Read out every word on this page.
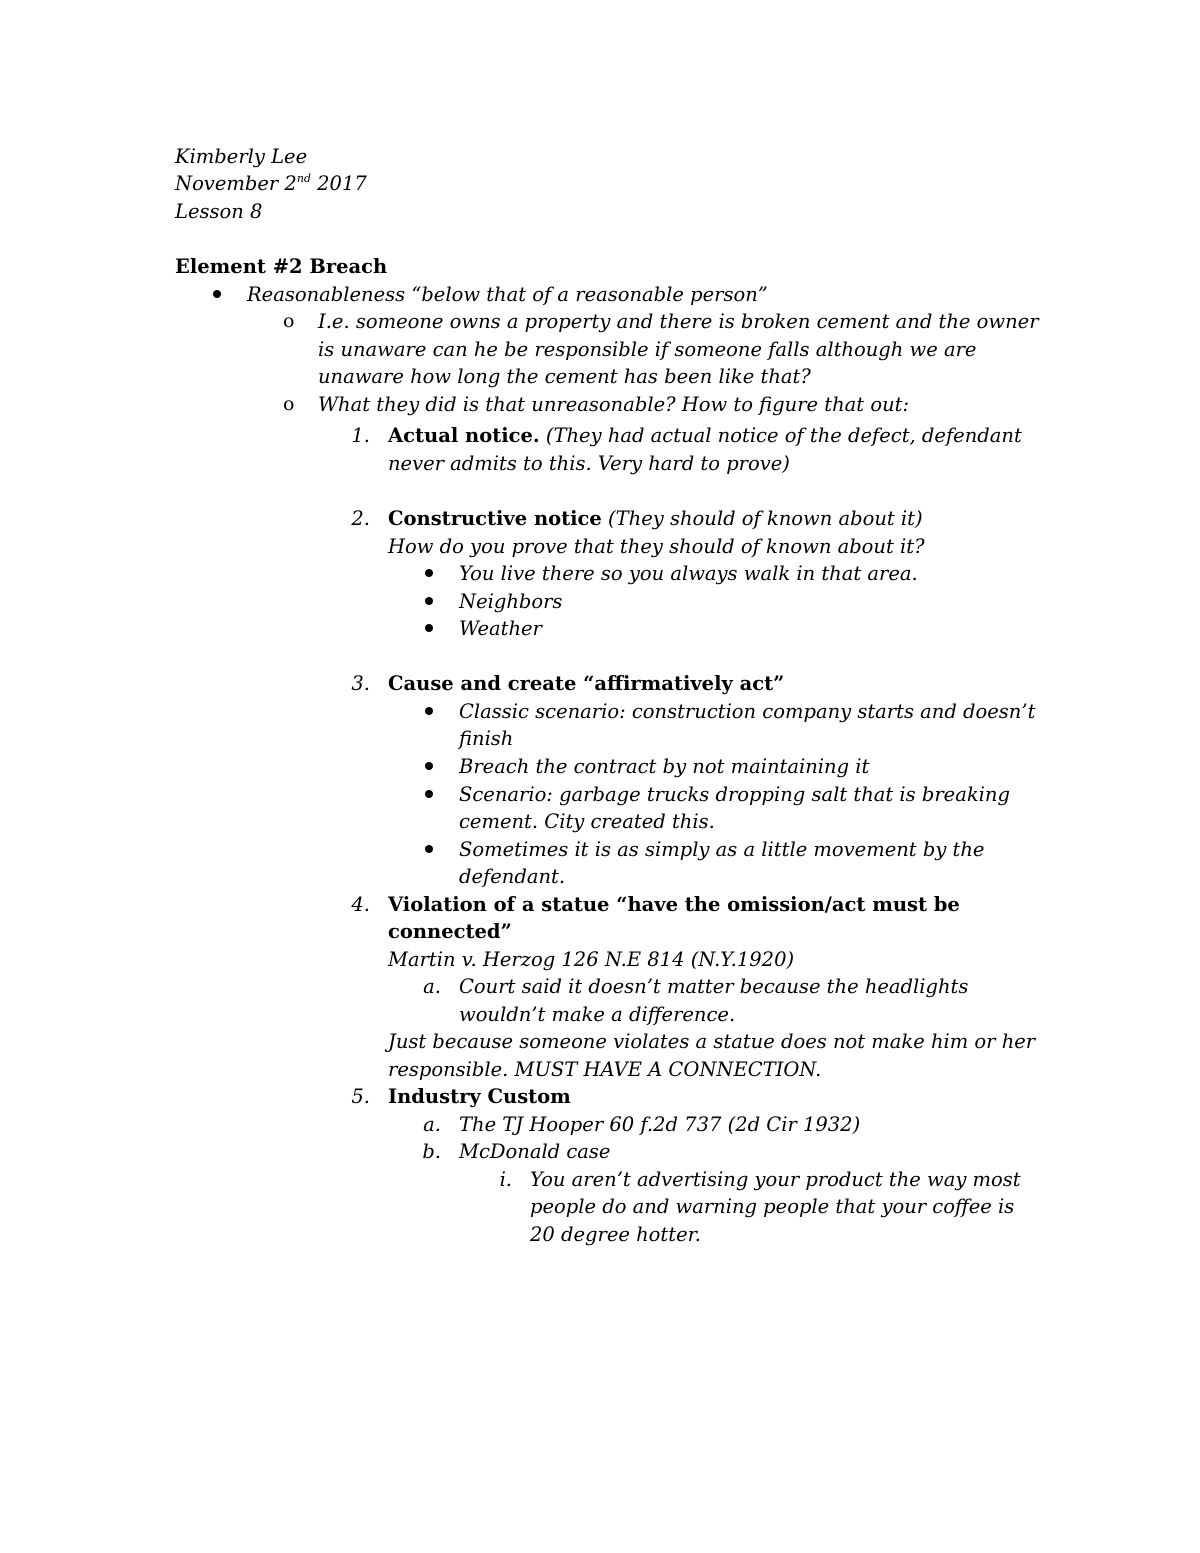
Kimberly Lee
November 2nd 2017
Lesson 8
Element #2 Breach
Reasonableness “below that of a reasonable person”
o I.e. someone owns a property and there is broken cement and the owner
is unaware can he be responsible if someone falls although we are
unaware how long the cement has been like that?
o What they did is that unreasonable? How to figure that out:
1. Actual notice. (They had actual notice of the defect, defendant
never admits to this. Very hard to prove)
2. Constructive notice (They should of known about it)
How do you prove that they should of known about it?
You live there so you always walk in that area.
Neighbors
Weather
3. Cause and create “affirmatively act”
Classic scenario: construction company starts and doesn’t
finish
Breach the contract by not maintaining it
Scenario: garbage trucks dropping salt that is breaking
cement. City created this.
Sometimes it is as simply as a little movement by the
defendant.
4. Violation of a statue “have the omission/act must be
connected”
Martin v. Herzog 126 N.E 814 (N.Y.1920)
a. Court said it doesn’t matter because the headlights
wouldn’t make a difference.
Just because someone violates a statue does not make him or her
responsible. MUST HAVE A CONNECTION.
5. Industry Custom
a. The TJ Hooper 60 f.2d 737 (2d Cir 1932)
b. McDonald case
i. You aren’t advertising your product the way most
people do and warning people that your coffee is
20 degree hotter.
